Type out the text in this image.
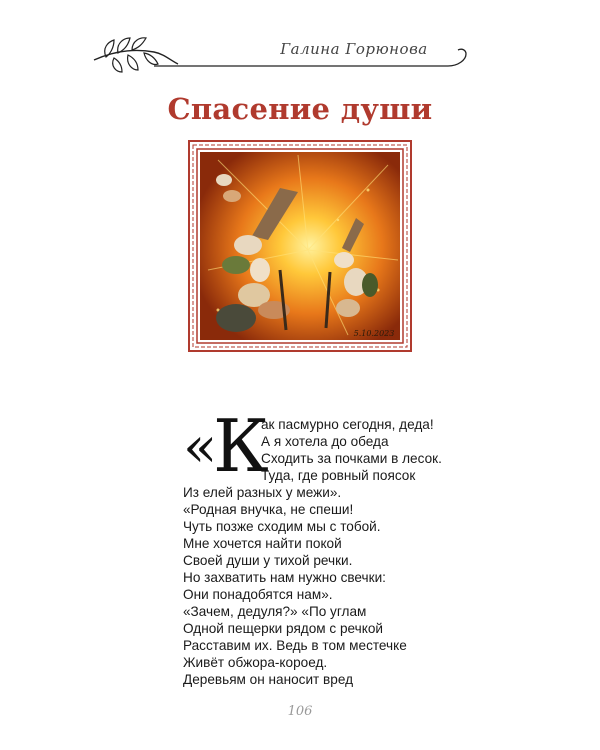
Галина Горюнова
Спасение души
5.10.2023
«
К
ак пасмурно сегодня, деда!
А я хотела до обеда
Сходить за почками в лесок.
Туда, где ровный поясок
Из елей разных у межи».
«Родная внучка, не спеши!
Чуть позже сходим мы с тобой.
Мне хочется найти покой
Своей души у тихой речки.
Но захватить нам нужно свечки:
Они понадобятся нам».
«Зачем, дедуля?» «По углам
Одной пещерки рядом с речкой
Расставим их. Ведь в том местечке
Живёт обжора-короед.
Деревьям он наносит вред
106
